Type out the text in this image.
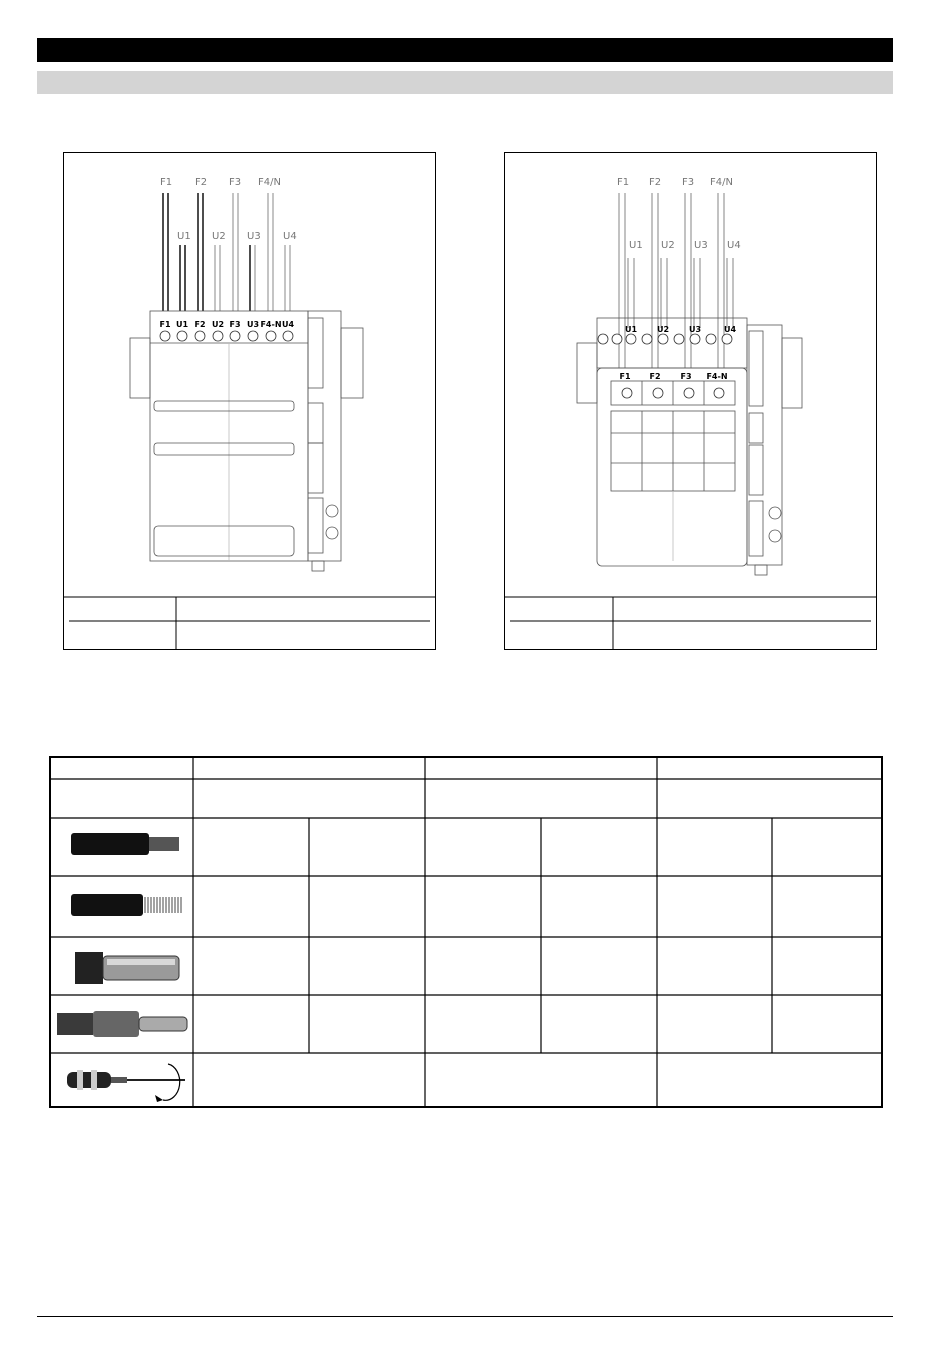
F1 F2 F3 F4/N
U1 U2 U3 U4
F1 U1 F2 U2 F3 U3 F4-N U4
F1 F2 F3 F4/N
U1 U2 U3 U4
U1 U2 U3	U4
F1 F2 F3 F4-N
